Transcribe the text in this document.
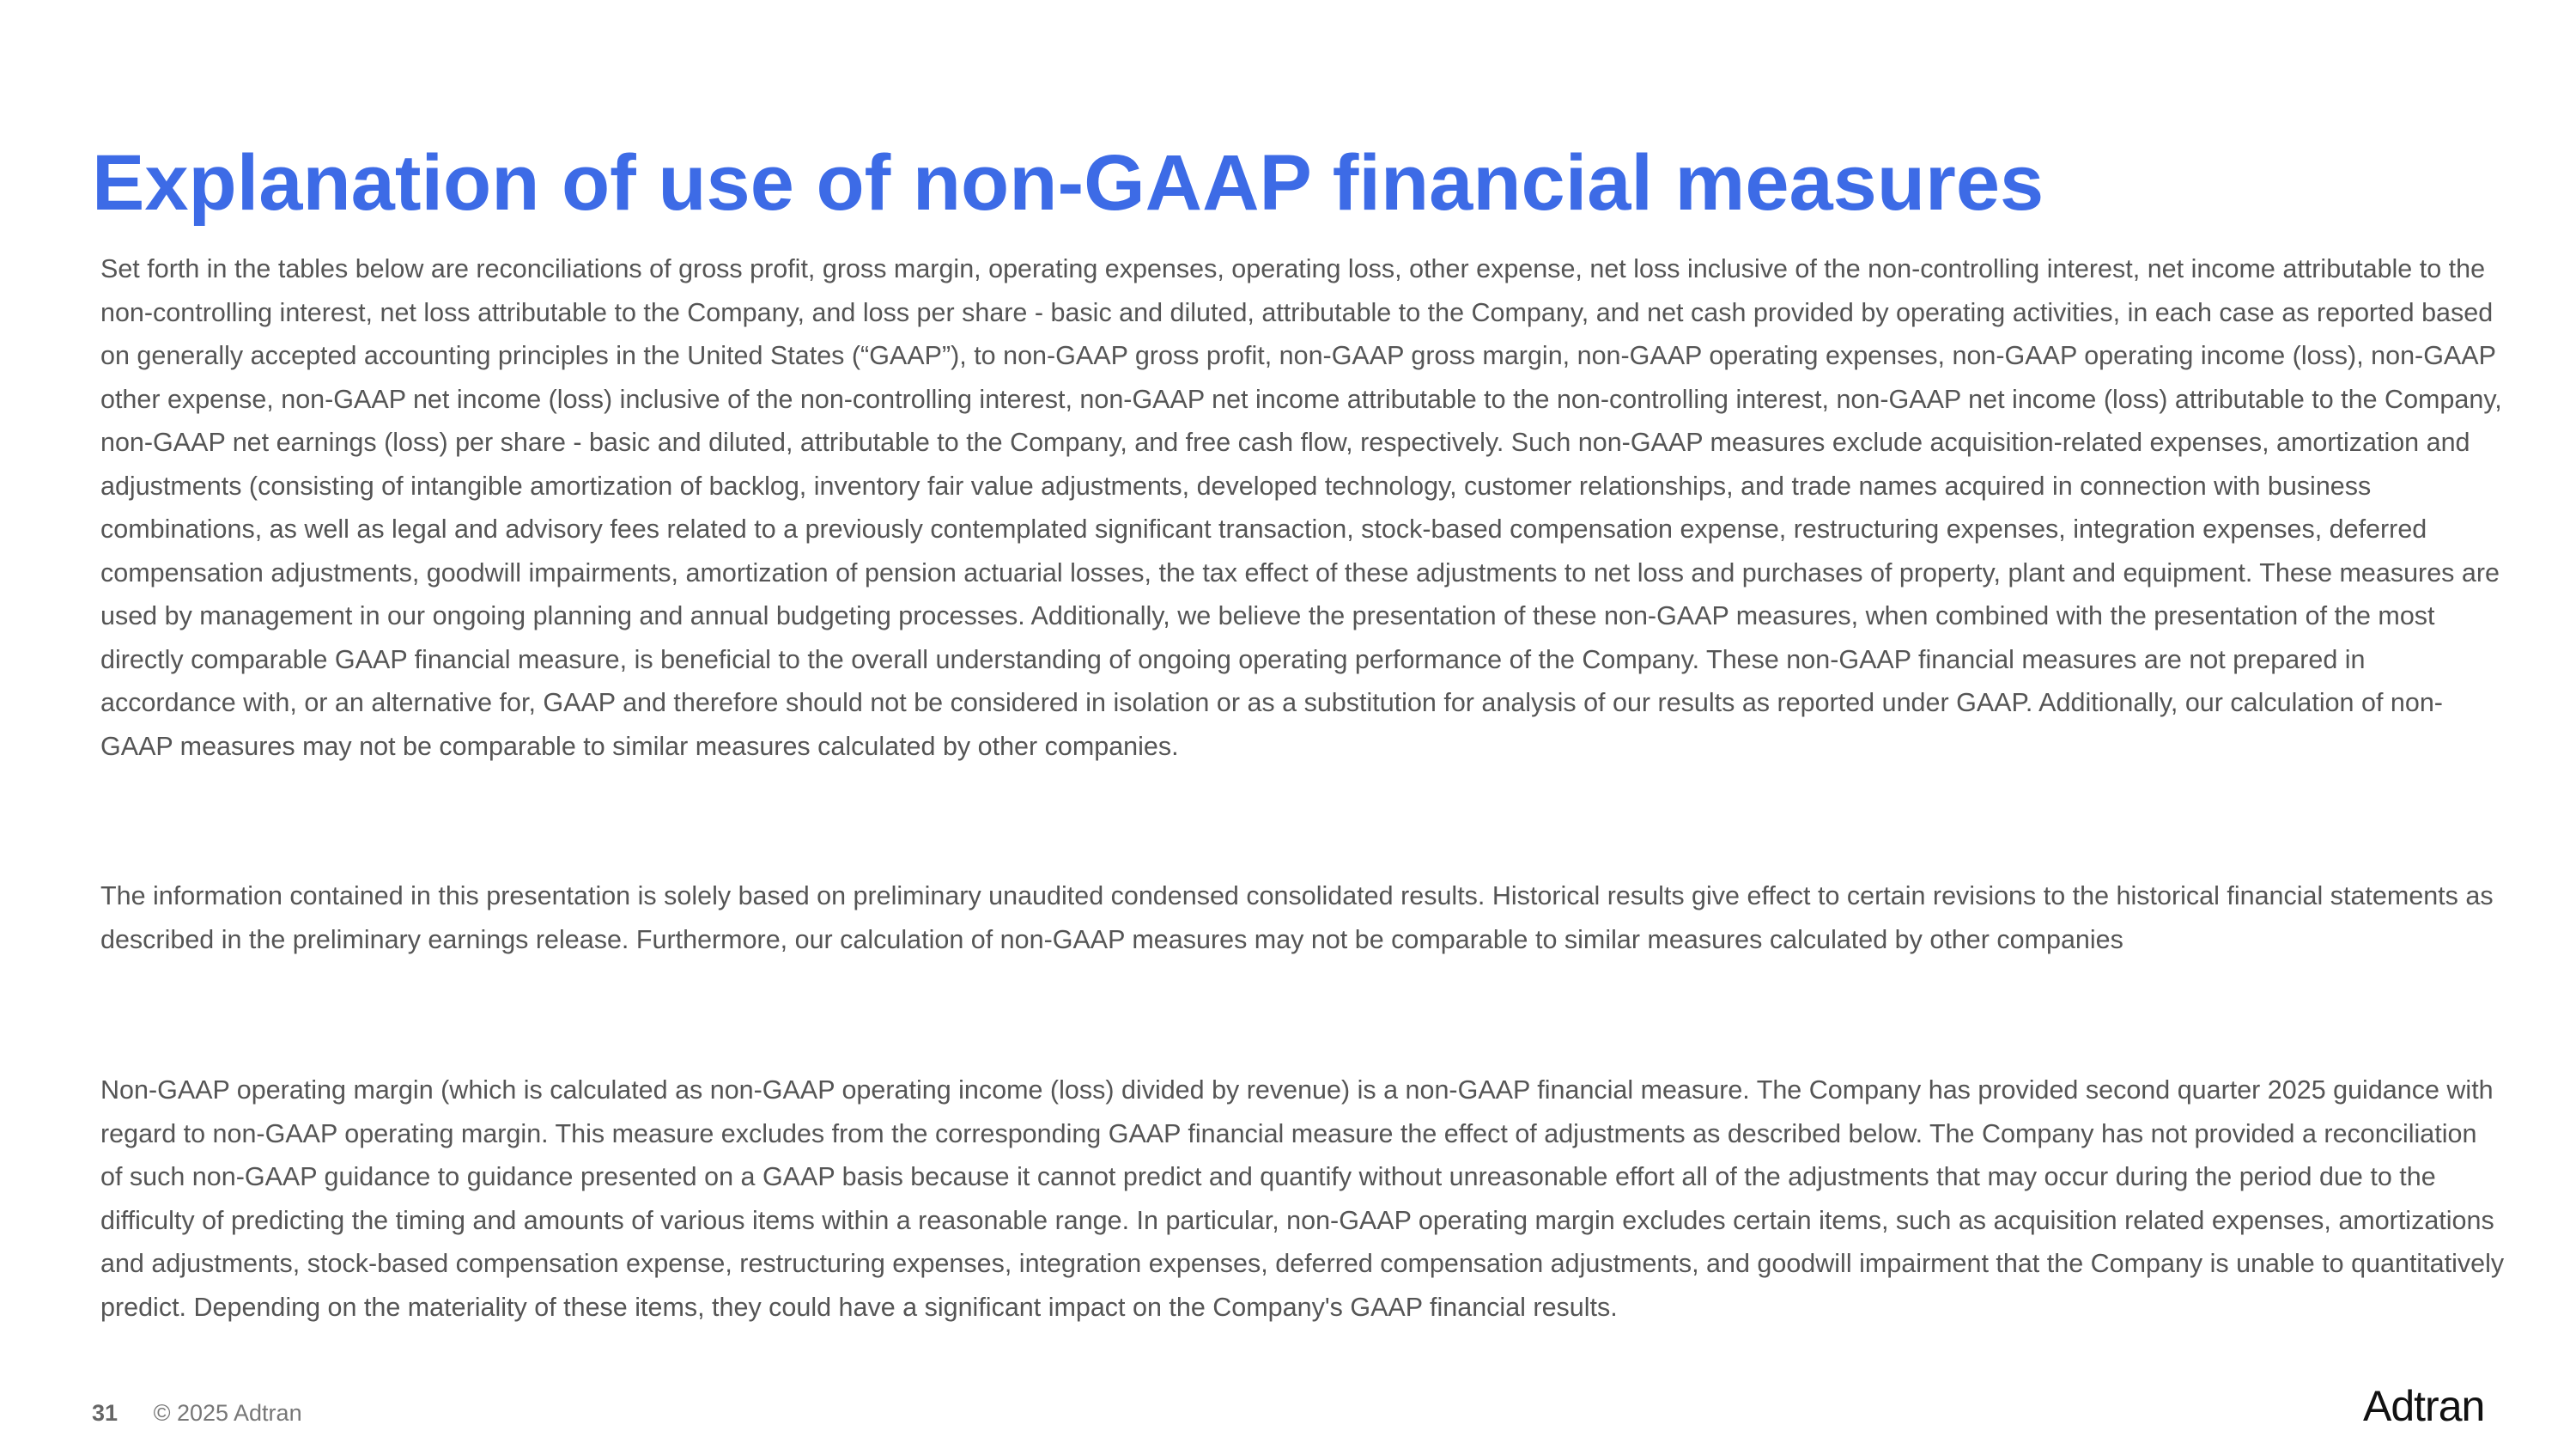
Explanation of use of non-GAAP financial measures

Set forth in the tables below are reconciliations of gross profit, gross margin, operating expenses, operating loss, other expense, net loss inclusive of the non-controlling interest, net income attributable to the non-controlling interest, net loss attributable to the Company, and loss per share - basic and diluted, attributable to the Company, and net cash provided by operating activities, in each case as reported based on generally accepted accounting principles in the United States (“GAAP”), to non-GAAP gross profit, non-GAAP gross margin, non-GAAP operating expenses, non-GAAP operating income (loss), non-GAAP other expense, non-GAAP net income (loss) inclusive of the non-controlling interest, non-GAAP net income attributable to the non-controlling interest, non-GAAP net income (loss) attributable to the Company, non-GAAP net earnings (loss) per share - basic and diluted, attributable to the Company, and free cash flow, respectively. Such non-GAAP measures exclude acquisition-related expenses, amortization and adjustments (consisting of intangible amortization of backlog, inventory fair value adjustments, developed technology, customer relationships, and trade names acquired in connection with business combinations, as well as legal and advisory fees related to a previously contemplated significant transaction, stock-based compensation expense, restructuring expenses, integration expenses, deferred compensation adjustments, goodwill impairments, amortization of pension actuarial losses, the tax effect of these adjustments to net loss and purchases of property, plant and equipment. These measures are used by management in our ongoing planning and annual budgeting processes. Additionally, we believe the presentation of these non-GAAP measures, when combined with the presentation of the most directly comparable GAAP financial measure, is beneficial to the overall understanding of ongoing operating performance of the Company. These non-GAAP financial measures are not prepared in accordance with, or an alternative for, GAAP and therefore should not be considered in isolation or as a substitution for analysis of our results as reported under GAAP. Additionally, our calculation of non-GAAP measures may not be comparable to similar measures calculated by other companies.

The information contained in this presentation is solely based on preliminary unaudited condensed consolidated results. Historical results give effect to certain revisions to the historical financial statements as described in the preliminary earnings release. Furthermore, our calculation of non-GAAP measures may not be comparable to similar measures calculated by other companies

Non-GAAP operating margin (which is calculated as non-GAAP operating income (loss) divided by revenue) is a non-GAAP financial measure. The Company has provided second quarter 2025 guidance with regard to non-GAAP operating margin. This measure excludes from the corresponding GAAP financial measure the effect of adjustments as described below. The Company has not provided a reconciliation of such non-GAAP guidance to guidance presented on a GAAP basis because it cannot predict and quantify without unreasonable effort all of the adjustments that may occur during the period due to the difficulty of predicting the timing and amounts of various items within a reasonable range. In particular, non-GAAP operating margin excludes certain items, such as acquisition related expenses, amortizations and adjustments, stock-based compensation expense, restructuring expenses, integration expenses, deferred compensation adjustments, and goodwill impairment that the Company is unable to quantitatively predict. Depending on the materiality of these items, they could have a significant impact on the Company's GAAP financial results.

31 © 2025 Adtran	Adtran
